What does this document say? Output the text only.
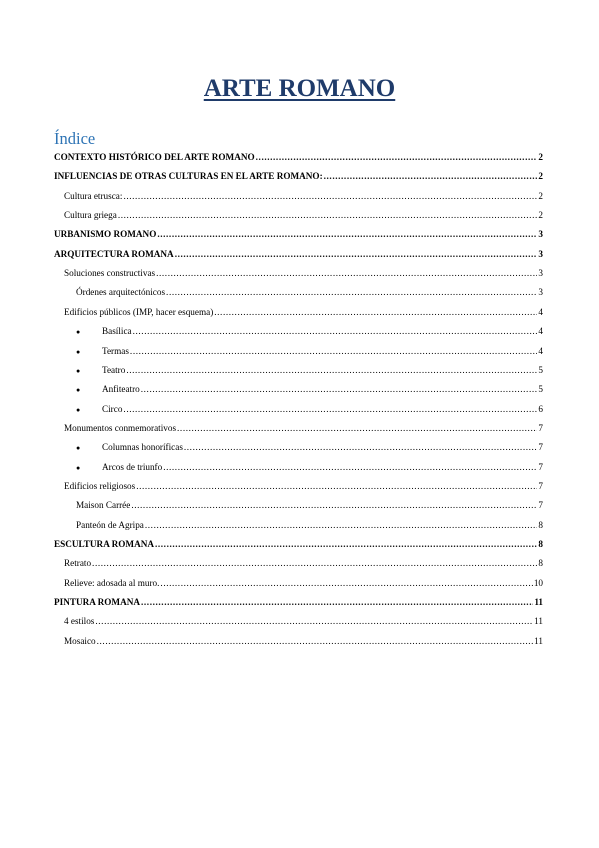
ARTE ROMANO
Índice
CONTEXTO HISTÓRICO DEL ARTE ROMANO .....	2
INFLUENCIAS DE OTRAS CULTURAS EN EL ARTE ROMANO: .....	2
Cultura etrusca: .....	2
Cultura griega .....	2
URBANISMO ROMANO .....	3
ARQUITECTURA ROMANA .....	3
Soluciones constructivas .....	3
Órdenes arquitectónicos .....	3
Edificios públicos (IMP, hacer esquema) .....	4
●	Basílica .....	4
●	Termas .....	4
●	Teatro .....	5
●	Anfiteatro .....	5
●	Circo .....	6
Monumentos conmemorativos .....	7
●	Columnas honoríficas .....	7
●	Arcos de triunfo .....	7
Edificios religiosos .....	7
Maison Carrée .....	7
Panteón de Agripa .....	8
ESCULTURA ROMANA .....	8
Retrato .....	8
Relieve: adosada al muro. .....	10
PINTURA ROMANA .....	11
4 estilos .....	11
Mosaico .....	11
